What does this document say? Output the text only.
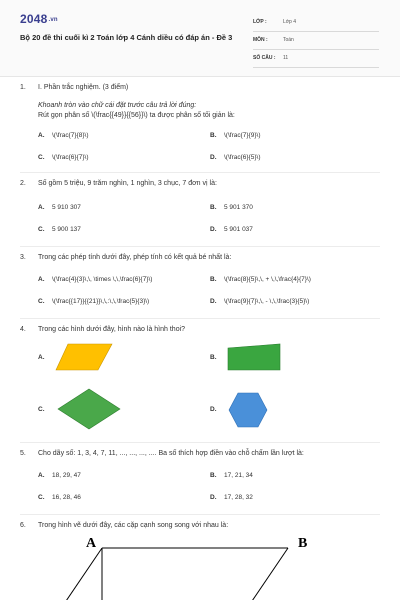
2048.vn
Bộ 20 đề thi cuối kì 2 Toán lớp 4 Cánh diều có đáp án - Đề 3
LỚP :	Lớp 4
MÔN :	Toán
SỐ CÂU : 11
1. I. Phần trắc nghiệm. (3 điểm)
Khoanh tròn vào chữ cái đặt trước câu trả lời đúng:
Rút gọn phân số \(\frac{{49}}{{56}}\) ta được phân số tối giản là:
A. \(\frac{7}{8}\)	B. \(\frac{7}{9}\)
C. \(\frac{6}{7}\)	D. \(\frac{6}{5}\)
2. Số gồm 5 triệu, 9 trăm nghìn, 1 nghìn, 3 chục, 7 đơn vị là:
A. 5 910 307	B. 5 901 370
C. 5 900 137	D. 5 901 037
3. Trong các phép tính dưới đây, phép tính có kết quả bé nhất là:
A. \(\frac{4}{3}\,\, \times \,\,\frac{6}{7}\)	B. \(\frac{8}{5}\,\, + \,\,\frac{4}{7}\)
C. \(\frac{{17}}{{21}}\,\,:\,\,\frac{5}{3}\)	D. \(\frac{9}{7}\,\, - \,\,\frac{3}{5}\)
4. Trong các hình dưới đây, hình nào là hình thoi?
A.	B.
C.	D.
5. Cho dãy số: 1, 3, 4, 7, 11, ..., ..., ..., .... Ba số thích hợp điền vào chỗ chấm lần lượt là:
A. 18, 29, 47	B. 17, 21, 34
C. 16, 28, 46	D. 17, 28, 32
6. Trong hình vẽ dưới đây, các cặp cạnh song song với nhau là:
A	B
